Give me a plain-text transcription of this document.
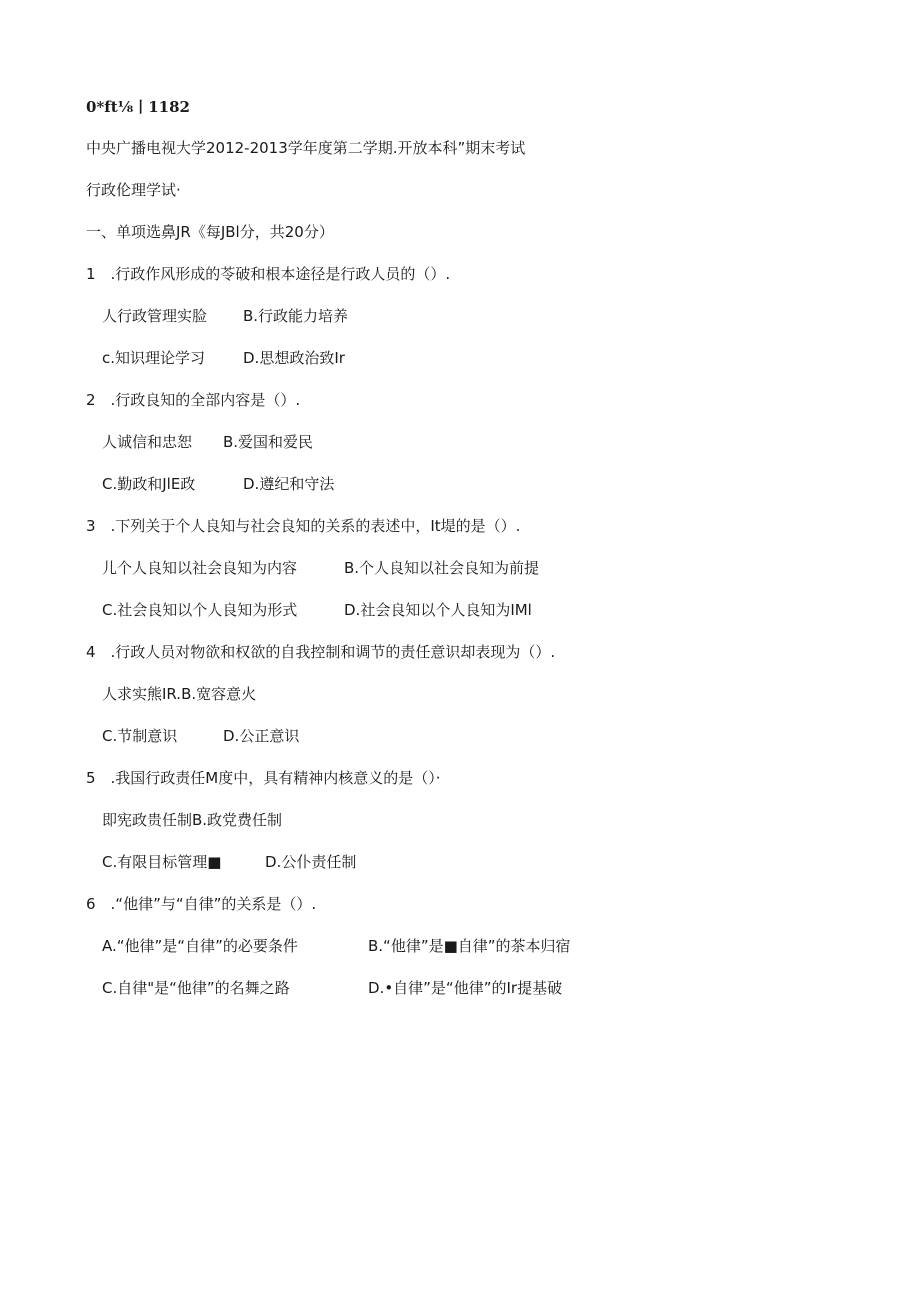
0*ft⅛丨1182
中央广播电视大学2012-2013学年度第二学期.开放本科”期末考试
行政伦理学试·
一、单项选鼻JR《每JBl分，共20分）
1　.行政作风形成的苓破和根本途径是行政人员的（）.
人行政管理实脸 B.行政能力培养
c.知识理论学习	D.思想政治致Ir
2　.行政良知的全部内容是（）.
人诚信和忠恕 B.爱国和爱民
C.勤政和JlE政	D.遵纪和守法
3　.下列关于个人良知与社会良知的关系的表述中，It堤的是（）.
儿个人良知以社会良知为内容	B.个人良知以社会良知为前提
C.社会良知以个人良知为形式	D.社会良知以个人良知为IMl
4　.行政人员对物欲和权欲的自我控制和调节的责任意识却表现为（）.
人求实熊IR.B.宽容意火
C.节制意识	D.公正意识
5　.我国行政责任M度中，具有精神内核意义的是（）·
即宪政贵任制B.政党费任制
C.有限目标管理■	D.公仆责任制
6　.“他律”与“自律”的关系是（）.
A.“他律”是“自律”的必要条件	B.“他律”是■自律”的茶本归宿
C.自律"是“他律”的名舞之路	D.•自律”是“他律”的Ir提基破
